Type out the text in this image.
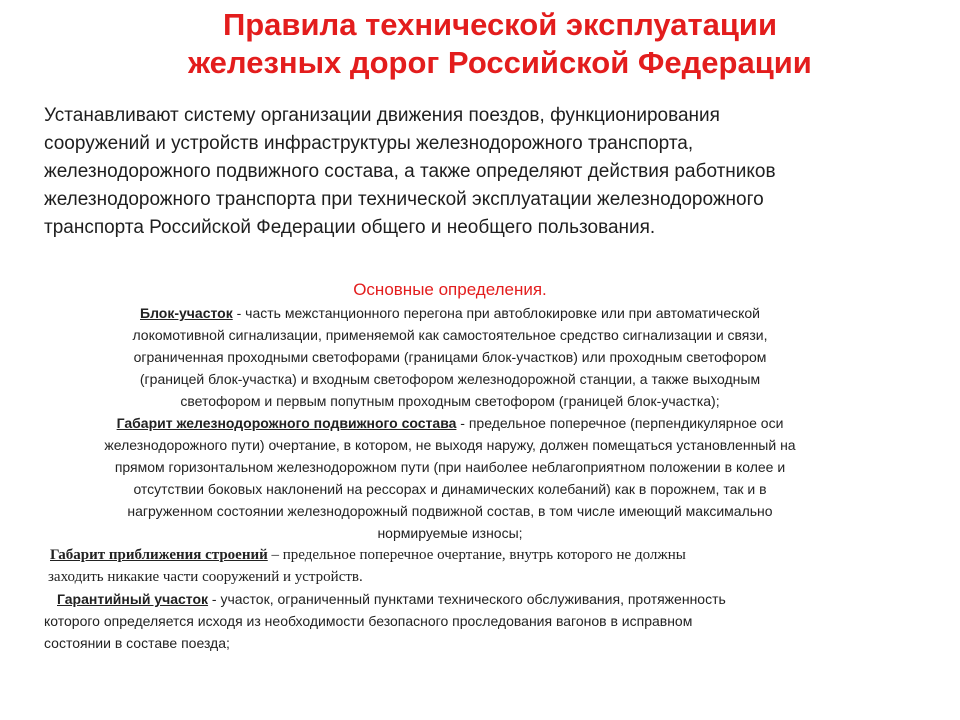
Правила технической эксплуатации
железных дорог Российской Федерации

Устанавливают систему организации движения поездов, функционирования
сооружений и устройств инфраструктуры железнодорожного транспорта,
железнодорожного подвижного состава, а также определяют действия работников
железнодорожного транспорта при технической эксплуатации железнодорожного
транспорта Российской Федерации общего и необщего пользования.

Основные определения.

Блок-участок - часть межстанционного перегона при автоблокировке или при автоматической
локомотивной сигнализации, применяемой как самостоятельное средство сигнализации и связи,
ограниченная проходными светофорами (границами блок-участков) или проходным светофором
(границей блок-участка) и входным светофором железнодорожной станции, а также выходным
светофором и первым попутным проходным светофором (границей блок-участка);
Габарит железнодорожного подвижного состава - предельное поперечное (перпендикулярное оси
железнодорожного пути) очертание, в котором, не выходя наружу, должен помещаться установленный на
прямом горизонтальном железнодорожном пути (при наиболее неблагоприятном положении в колее и
отсутствии боковых наклонений на рессорах и динамических колебаний) как в порожнем, так и в
нагруженном состоянии железнодорожный подвижной состав, в том числе имеющий максимально
нормируемые износы;
Габарит приближения строений – предельное поперечное очертание, внутрь которого не должны
заходить никакие части сооружений и устройств.
Гарантийный участок - участок, ограниченный пунктами технического обслуживания, протяженность
которого определяется исходя из необходимости безопасного проследования вагонов в исправном
состоянии в составе поезда;
